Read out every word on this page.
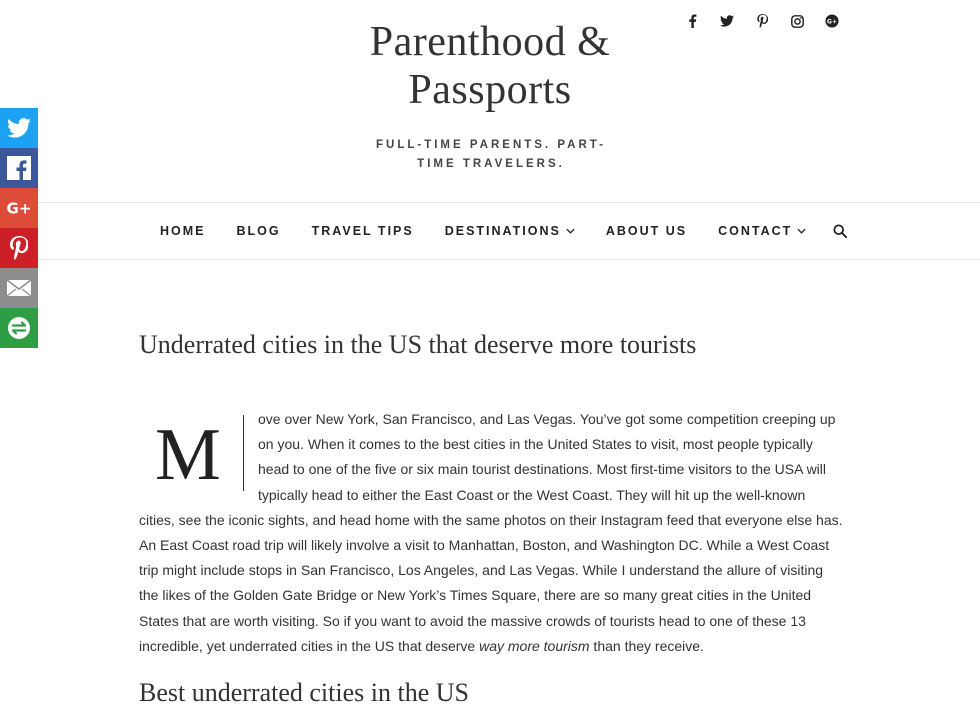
Parenthood &
Passports
FULL-TIME PARENTS. PART-
TIME TRAVELERS.
G+
HOME BLOG TRAVEL TIPS DESTINATIONS	ABOUT US CONTACT
G+
Underrated cities in the US that deserve more tourists

M	ove over New York, San Francisco, and Las Vegas. You’ve got some competition creeping up on you. When it comes to the best cities in the United States to visit, most people typically head to one of the five or six main tourist destinations. Most first-time visitors to the USA will typically head to either the East Coast or the West Coast. They will hit up the well-known cities, see the iconic sights, and head home with the same photos on their Instagram feed that everyone else has. An East Coast road trip will likely involve a visit to Manhattan, Boston, and Washington DC. While a West Coast trip might include stops in San Francisco, Los Angeles, and Las Vegas. While I understand the allure of visiting the likes of the Golden Gate Bridge or New York’s Times Square, there are so many great cities in the United States that are worth visiting. So if you want to avoid the massive crowds of tourists head to one of these 13 incredible, yet underrated cities in the US that deserve way more tourism than they receive.

Best underrated cities in the US
